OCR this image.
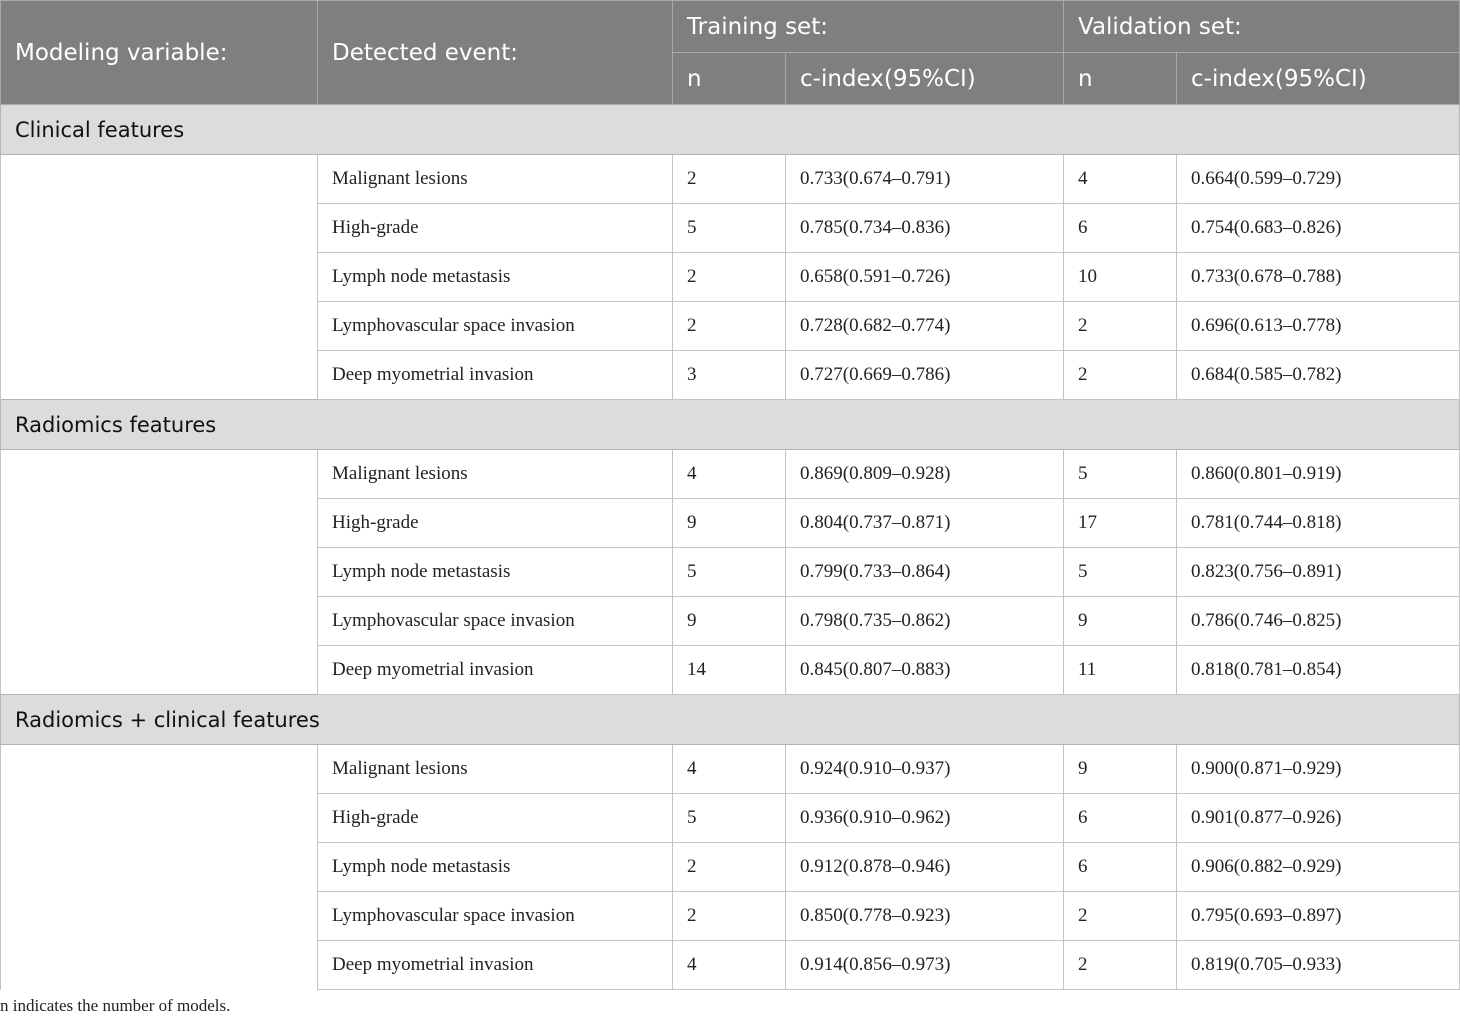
Modeling variable:	Detected event:	Training set:		Validation set:	
		n	c-index(95%CI)	n	c-index(95%CI)
Clinical features					
	Malignant lesions	2	0.733(0.674–0.791)	4	0.664(0.599–0.729)
	High-grade	5	0.785(0.734–0.836)	6	0.754(0.683–0.826)
	Lymph node metastasis	2	0.658(0.591–0.726)	10	0.733(0.678–0.788)
	Lymphovascular space invasion	2	0.728(0.682–0.774)	2	0.696(0.613–0.778)
	Deep myometrial invasion	3	0.727(0.669–0.786)	2	0.684(0.585–0.782)
Radiomics features					
	Malignant lesions	4	0.869(0.809–0.928)	5	0.860(0.801–0.919)
	High-grade	9	0.804(0.737–0.871)	17	0.781(0.744–0.818)
	Lymph node metastasis	5	0.799(0.733–0.864)	5	0.823(0.756–0.891)
	Lymphovascular space invasion	9	0.798(0.735–0.862)	9	0.786(0.746–0.825)
	Deep myometrial invasion	14	0.845(0.807–0.883)	11	0.818(0.781–0.854)
Radiomics + clinical features					
	Malignant lesions	4	0.924(0.910–0.937)	9	0.900(0.871–0.929)
	High-grade	5	0.936(0.910–0.962)	6	0.901(0.877–0.926)
	Lymph node metastasis	2	0.912(0.878–0.946)	6	0.906(0.882–0.929)
	Lymphovascular space invasion	2	0.850(0.778–0.923)	2	0.795(0.693–0.897)
	Deep myometrial invasion	4	0.914(0.856–0.973)	2	0.819(0.705–0.933)
n indicates the number of models.
